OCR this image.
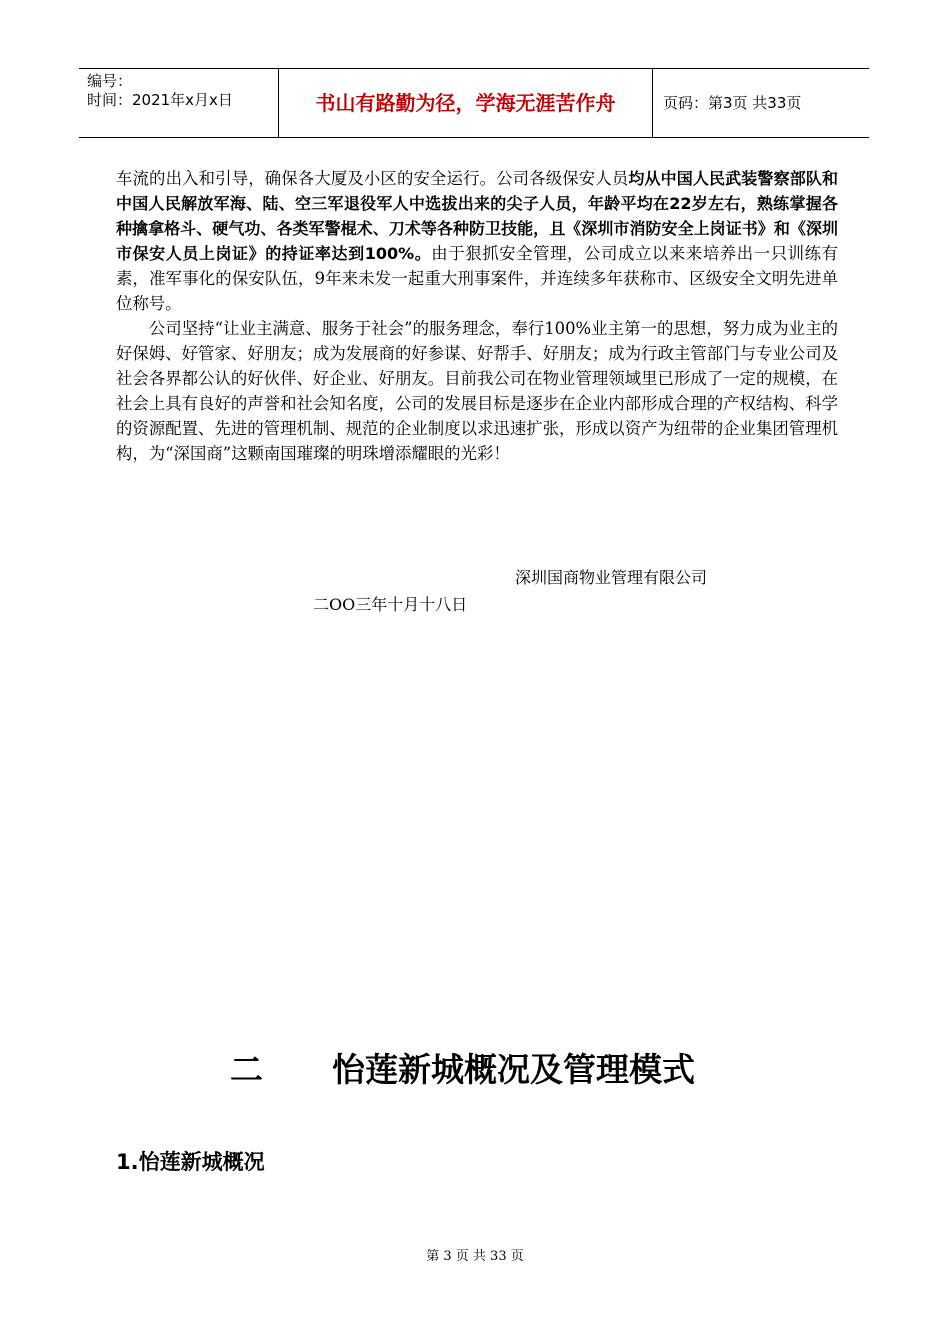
编号：
时间：2021年x月x日	书山有路勤为径，学海无涯苦作舟	页码：第3页 共33页

车流的出入和引导，确保各大厦及小区的安全运行。公司各级保安人员均从中国人民武装警察部队和中国人民解放军海、陆、空三军退役军人中选拔出来的尖子人员，年龄平均在22岁左右，熟练掌握各种擒拿格斗、硬气功、各类军警棍术、刀术等各种防卫技能，且《深圳市消防安全上岗证书》和《深圳市保安人员上岗证》的持证率达到100%。由于狠抓安全管理，公司成立以来来培养出一只训练有素，准军事化的保安队伍，9年来未发一起重大刑事案件，并连续多年获称市、区级安全文明先进单位称号。

公司坚持“让业主满意、服务于社会”的服务理念，奉行100%业主第一的思想，努力成为业主的好保姆、好管家、好朋友；成为发展商的好参谋、好帮手、好朋友；成为行政主管部门与专业公司及社会各界都公认的好伙伴、好企业、好朋友。目前我公司在物业管理领域里已形成了一定的规模，在社会上具有良好的声誉和社会知名度，公司的发展目标是逐步在企业内部形成合理的产权结构、科学的资源配置、先进的管理机制、规范的企业制度以求迅速扩张，形成以资产为纽带的企业集团管理机构，为“深国商”这颗南国璀璨的明珠增添耀眼的光彩！

深圳国商物业管理有限公司
二OO三年十月十八日
二 怡莲新城概况及管理模式
1.怡莲新城概况
第 3 页 共 33 页
